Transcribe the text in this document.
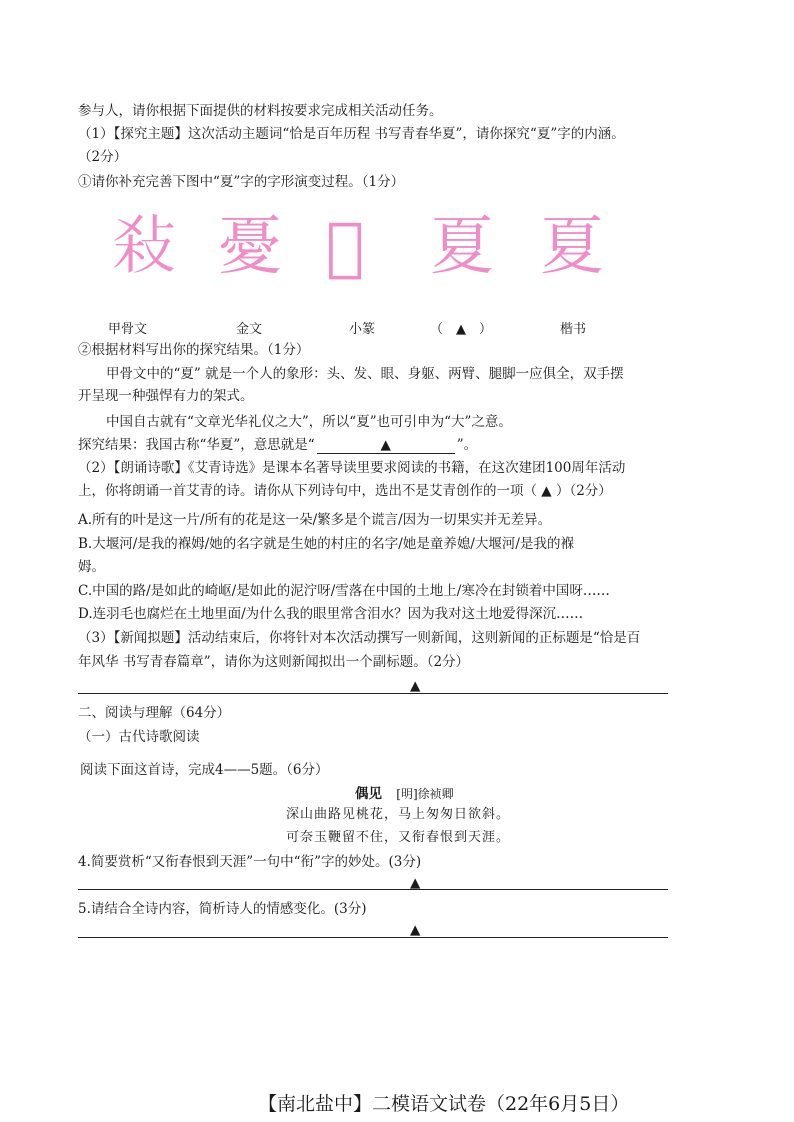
参与人，请你根据下面提供的材料按要求完成相关活动任务。
（1）【探究主题】这次活动主题词“恰是百年历程 书写青春华夏”，请你探究“夏”字的内涵。
（2分）
①请你补充完善下图中“夏”字的字形演变过程。（1分）
𢼢 憂 𩓶 夏 夏
甲骨文	金文	小篆	（　▲　）	楷书
②根据材料写出你的探究结果。（1分）
甲骨文中的“夏” 就是一个人的象形：头、发、眼、身躯、两臂、腿脚一应俱全，双手摆
开呈现一种强悍有力的架式。
中国自古就有“文章光华礼仪之大”，所以“夏”也可引申为“大”之意。
探究结果：我国古称“华夏”，意思就是“	▲	”。
（2）【朗诵诗歌】《艾青诗选》是课本名著导读里要求阅读的书籍，在这次建团100周年活动
上，你将朗诵一首艾青的诗。请你从下列诗句中，选出不是艾青创作的一项（ ▲ ）（2分）
A.所有的叶是这一片/所有的花是这一朵/繁多是个谎言/因为一切果实并无差异。
B.大堰河/是我的褓姆/她的名字就是生她的村庄的名字/她是童养媳/大堰河/是我的褓
姆。
C.中国的路/是如此的崎岖/是如此的泥泞呀/雪落在中国的土地上/寒冷在封锁着中国呀……
D.连羽毛也腐烂在土地里面/为什么我的眼里常含泪水？因为我对这土地爱得深沉……
（3）【新闻拟题】活动结束后，你将针对本次活动撰写一则新闻，这则新闻的正标题是“恰是百
年风华 书写青春篇章”，请你为这则新闻拟出一个副标题。（2分）
▲
二、阅读与理解（64分）
（一）古代诗歌阅读
阅读下面这首诗，完成4——5题。（6分）
偶见 [明]徐祯卿
深山曲路见桃花，马上匆匆日欲斜。
可奈玉鞭留不住，又衔春恨到天涯。
4.简要赏析“又衔春恨到天涯”一句中“衔”字的妙处。(3分)
▲
5.请结合全诗内容，简析诗人的情感变化。(3分)
▲
【南北盐中】二模语文试卷（22年6月5日）
